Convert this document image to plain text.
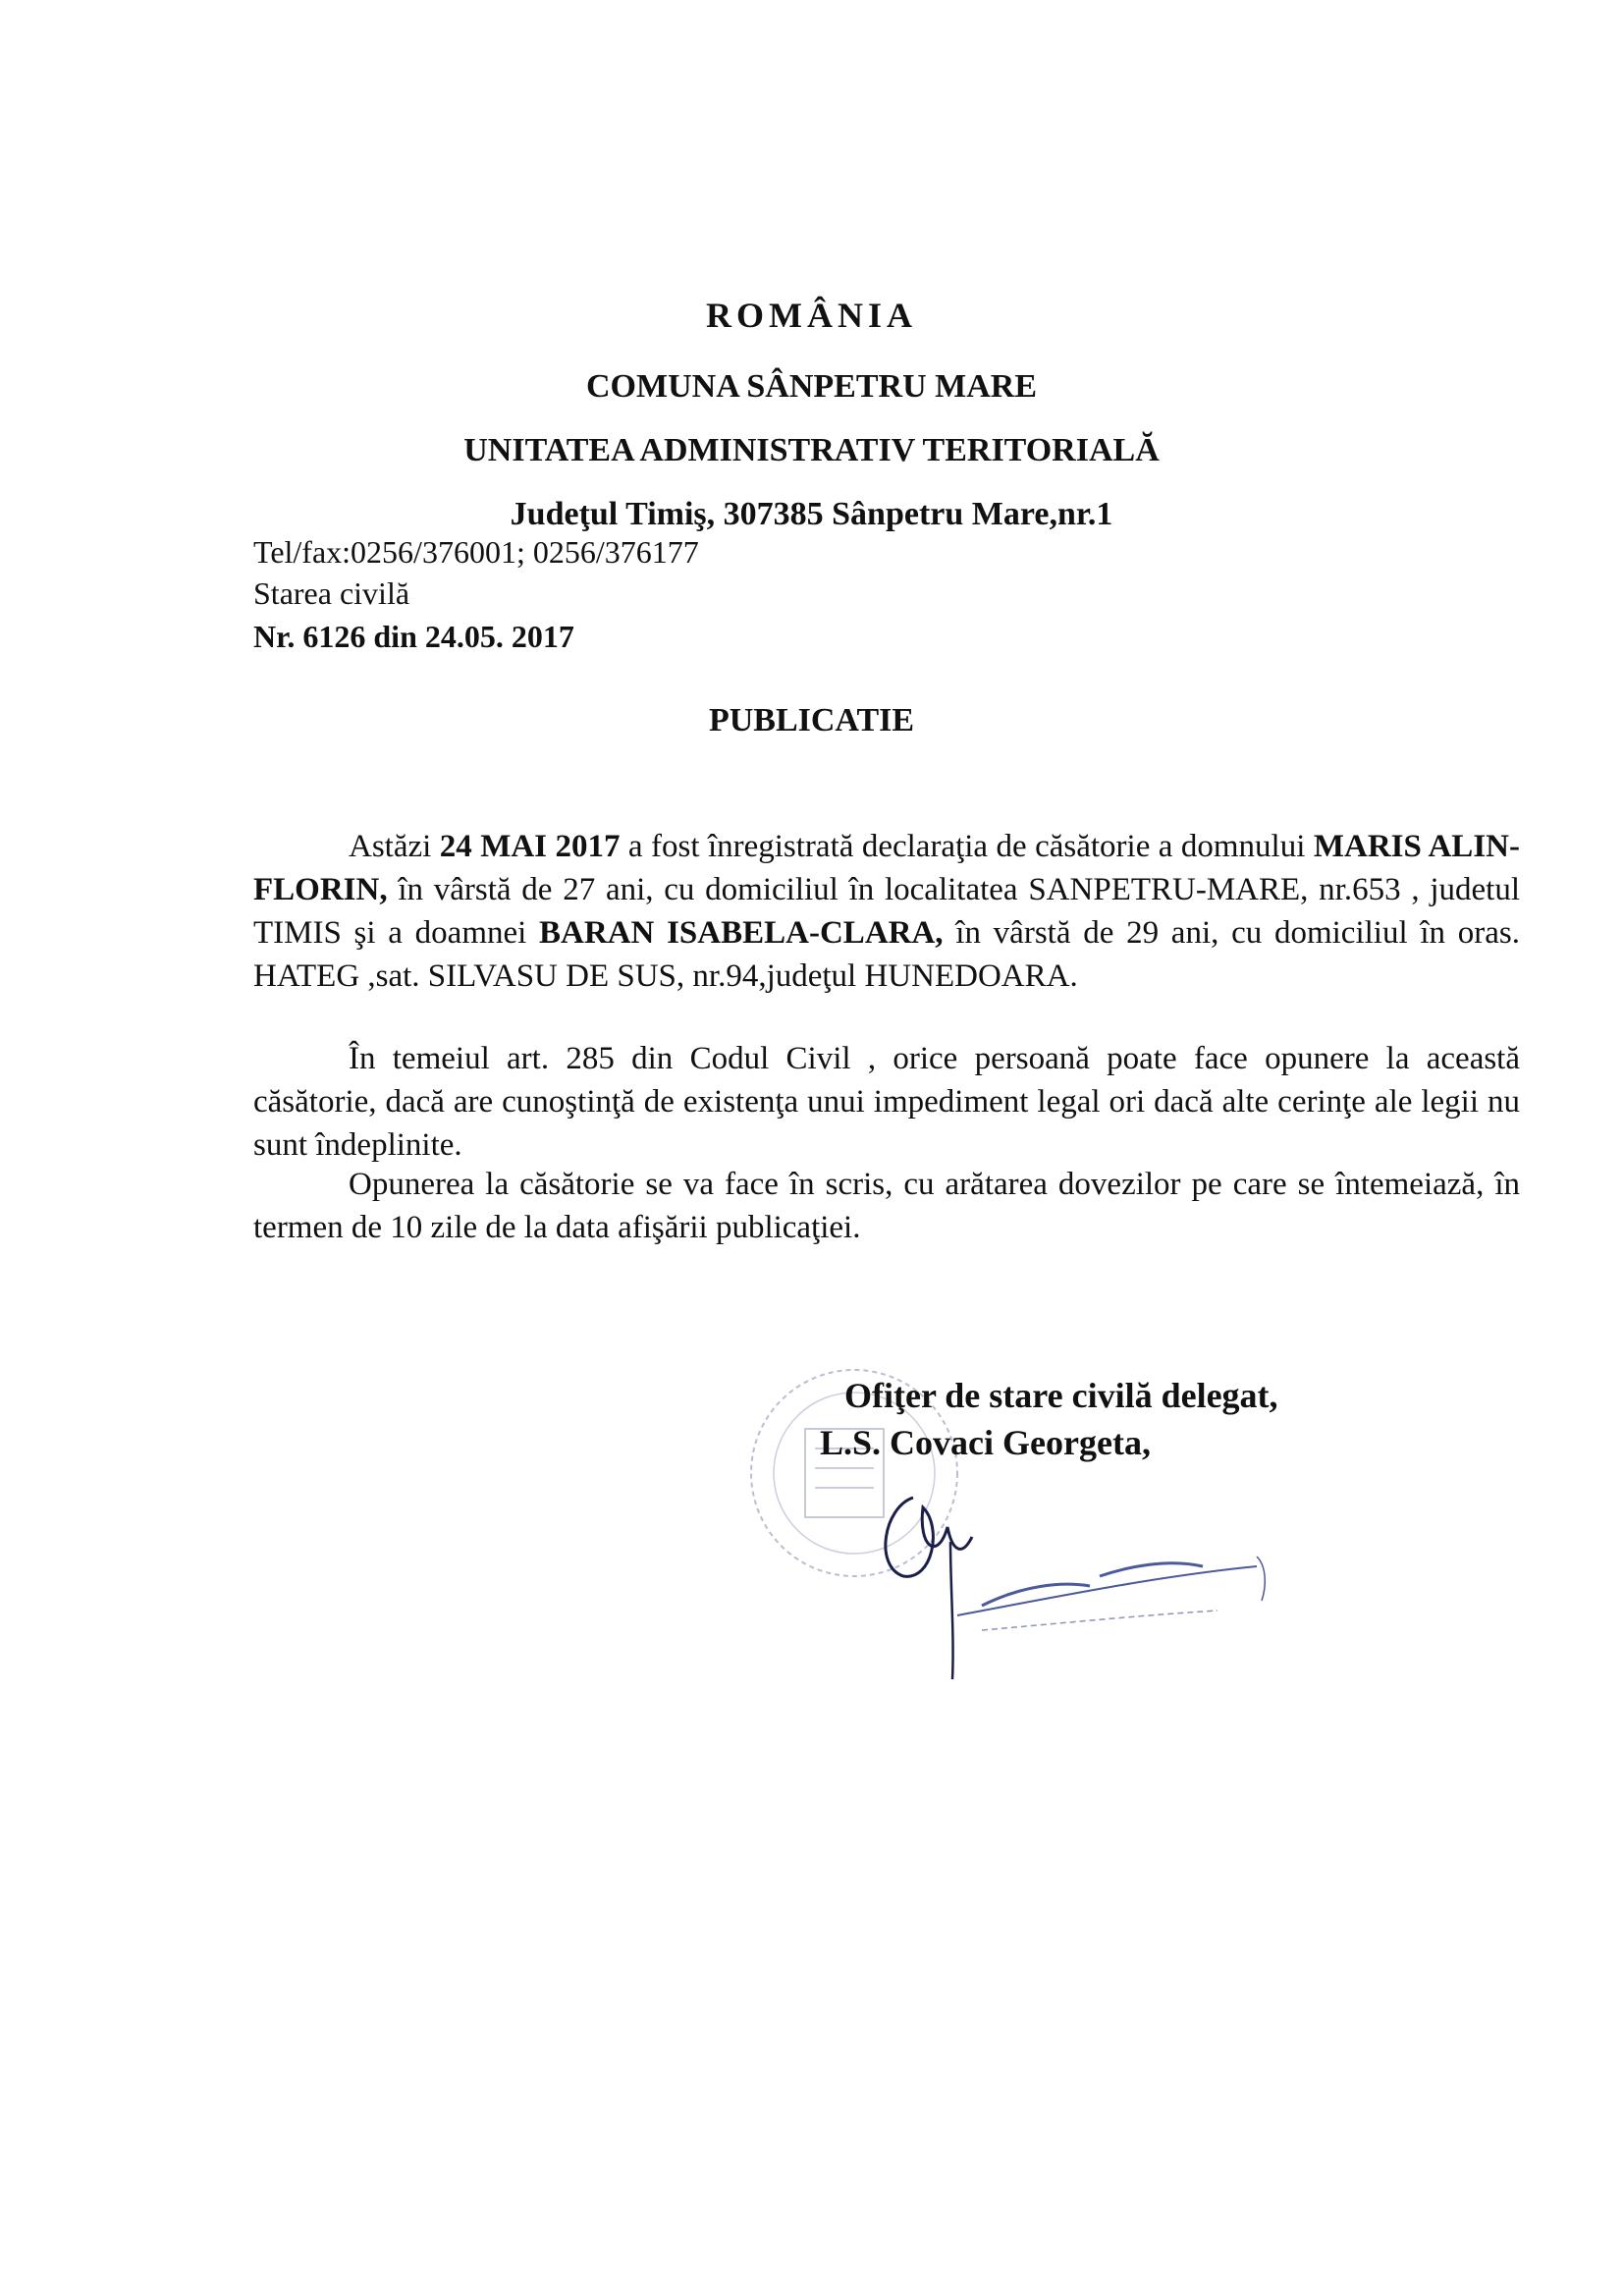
ROMÂNIA
COMUNA SÂNPETRU MARE
UNITATEA ADMINISTRATIV TERITORIALĂ
Judeţul Timiş, 307385 Sânpetru Mare,nr.1
Tel/fax:0256/376001; 0256/376177
Starea civilă
Nr. 6126 din 24.05. 2017
PUBLICATIE
Astăzi 24 MAI 2017 a fost înregistrată declaraţia de căsătorie a domnului MARIS ALIN-FLORIN, în vârstă de 27 ani, cu domiciliul în localitatea SANPETRU-MARE, nr.653 , judetul TIMIS şi a doamnei BARAN ISABELA-CLARA, în vârstă de 29 ani, cu domiciliul în oras. HATEG ,sat. SILVASU DE SUS, nr.94,judeţul HUNEDOARA.
În temeiul art. 285 din Codul Civil , orice persoană poate face opunere la această căsătorie, dacă are cunoştinţă de existenţa unui impediment legal ori dacă alte cerinţe ale legii nu sunt îndeplinite.
Opunerea la căsătorie se va face în scris, cu arătarea dovezilor pe care se întemeiază, în termen de 10 zile de la data afişării publicaţiei.
Ofiţer de stare civilă delegat,
L.S. Covaci Georgeta,
